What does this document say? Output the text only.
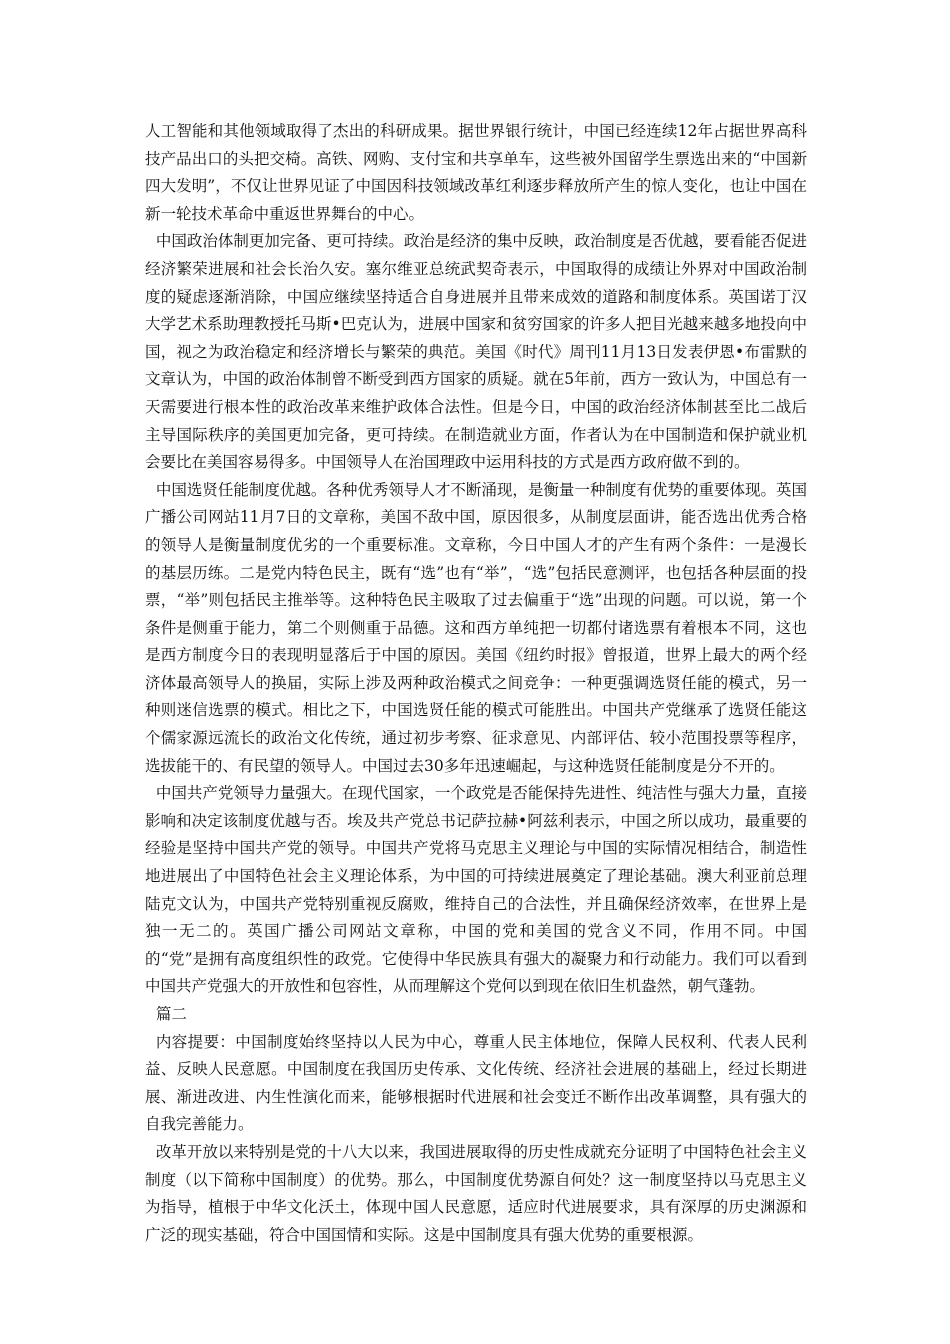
人工智能和其他领域取得了杰出的科研成果。据世界银行统计，中国已经连续12年占据世界高科技产品出口的头把交椅。高铁、网购、支付宝和共享单车，这些被外国留学生票选出来的“中国新四大发明”，不仅让世界见证了中国因科技领域改革红利逐步释放所产生的惊人变化，也让中国在新一轮技术革命中重返世界舞台的中心。

中国政治体制更加完备、更可持续。政治是经济的集中反映，政治制度是否优越，要看能否促进经济繁荣进展和社会长治久安。塞尔维亚总统武契奇表示，中国取得的成绩让外界对中国政治制度的疑虑逐渐消除，中国应继续坚持适合自身进展并且带来成效的道路和制度体系。英国诺丁汉大学艺术系助理教授托马斯•巴克认为，进展中国家和贫穷国家的许多人把目光越来越多地投向中国，视之为政治稳定和经济增长与繁荣的典范。美国《时代》周刊11月13日发表伊恩•布雷默的文章认为，中国的政治体制曾不断受到西方国家的质疑。就在5年前，西方一致认为，中国总有一天需要进行根本性的政治改革来维护政体合法性。但是今日，中国的政治经济体制甚至比二战后主导国际秩序的美国更加完备，更可持续。在制造就业方面，作者认为在中国制造和保护就业机会要比在美国容易得多。中国领导人在治国理政中运用科技的方式是西方政府做不到的。

中国选贤任能制度优越。各种优秀领导人才不断涌现，是衡量一种制度有优势的重要体现。英国广播公司网站11月7日的文章称，美国不敌中国，原因很多，从制度层面讲，能否选出优秀合格的领导人是衡量制度优劣的一个重要标准。文章称，今日中国人才的产生有两个条件：一是漫长的基层历练。二是党内特色民主，既有“选”也有“举”，“选”包括民意测评，也包括各种层面的投票，“举”则包括民主推举等。这种特色民主吸取了过去偏重于“选”出现的问题。可以说，第一个条件是侧重于能力，第二个则侧重于品德。这和西方单纯把一切都付诸选票有着根本不同，这也是西方制度今日的表现明显落后于中国的原因。美国《纽约时报》曾报道，世界上最大的两个经济体最高领导人的换届，实际上涉及两种政治模式之间竞争：一种更强调选贤任能的模式，另一种则迷信选票的模式。相比之下，中国选贤任能的模式可能胜出。中国共产党继承了选贤任能这个儒家源远流长的政治文化传统，通过初步考察、征求意见、内部评估、较小范围投票等程序，选拔能干的、有民望的领导人。中国过去30多年迅速崛起，与这种选贤任能制度是分不开的。

中国共产党领导力量强大。在现代国家，一个政党是否能保持先进性、纯洁性与强大力量，直接影响和决定该制度优越与否。埃及共产党总书记萨拉赫•阿兹利表示，中国之所以成功，最重要的经验是坚持中国共产党的领导。中国共产党将马克思主义理论与中国的实际情况相结合，制造性地进展出了中国特色社会主义理论体系，为中国的可持续进展奠定了理论基础。澳大利亚前总理陆克文认为，中国共产党特别重视反腐败，维持自己的合法性，并且确保经济效率，在世界上是独一无二的。英国广播公司网站文章称，中国的党和美国的党含义不同，作用不同。中国的“党”是拥有高度组织性的政党。它使得中华民族具有强大的凝聚力和行动能力。我们可以看到中国共产党强大的开放性和包容性，从而理解这个党何以到现在依旧生机盎然，朝气蓬勃。

篇二

内容提要：中国制度始终坚持以人民为中心，尊重人民主体地位，保障人民权利、代表人民利益、反映人民意愿。中国制度在我国历史传承、文化传统、经济社会进展的基础上，经过长期进展、渐进改进、内生性演化而来，能够根据时代进展和社会变迁不断作出改革调整，具有强大的自我完善能力。

改革开放以来特别是党的十八大以来，我国进展取得的历史性成就充分证明了中国特色社会主义制度（以下简称中国制度）的优势。那么，中国制度优势源自何处？这一制度坚持以马克思主义为指导，植根于中华文化沃土，体现中国人民意愿，适应时代进展要求，具有深厚的历史渊源和广泛的现实基础，符合中国国情和实际。这是中国制度具有强大优势的重要根源。
